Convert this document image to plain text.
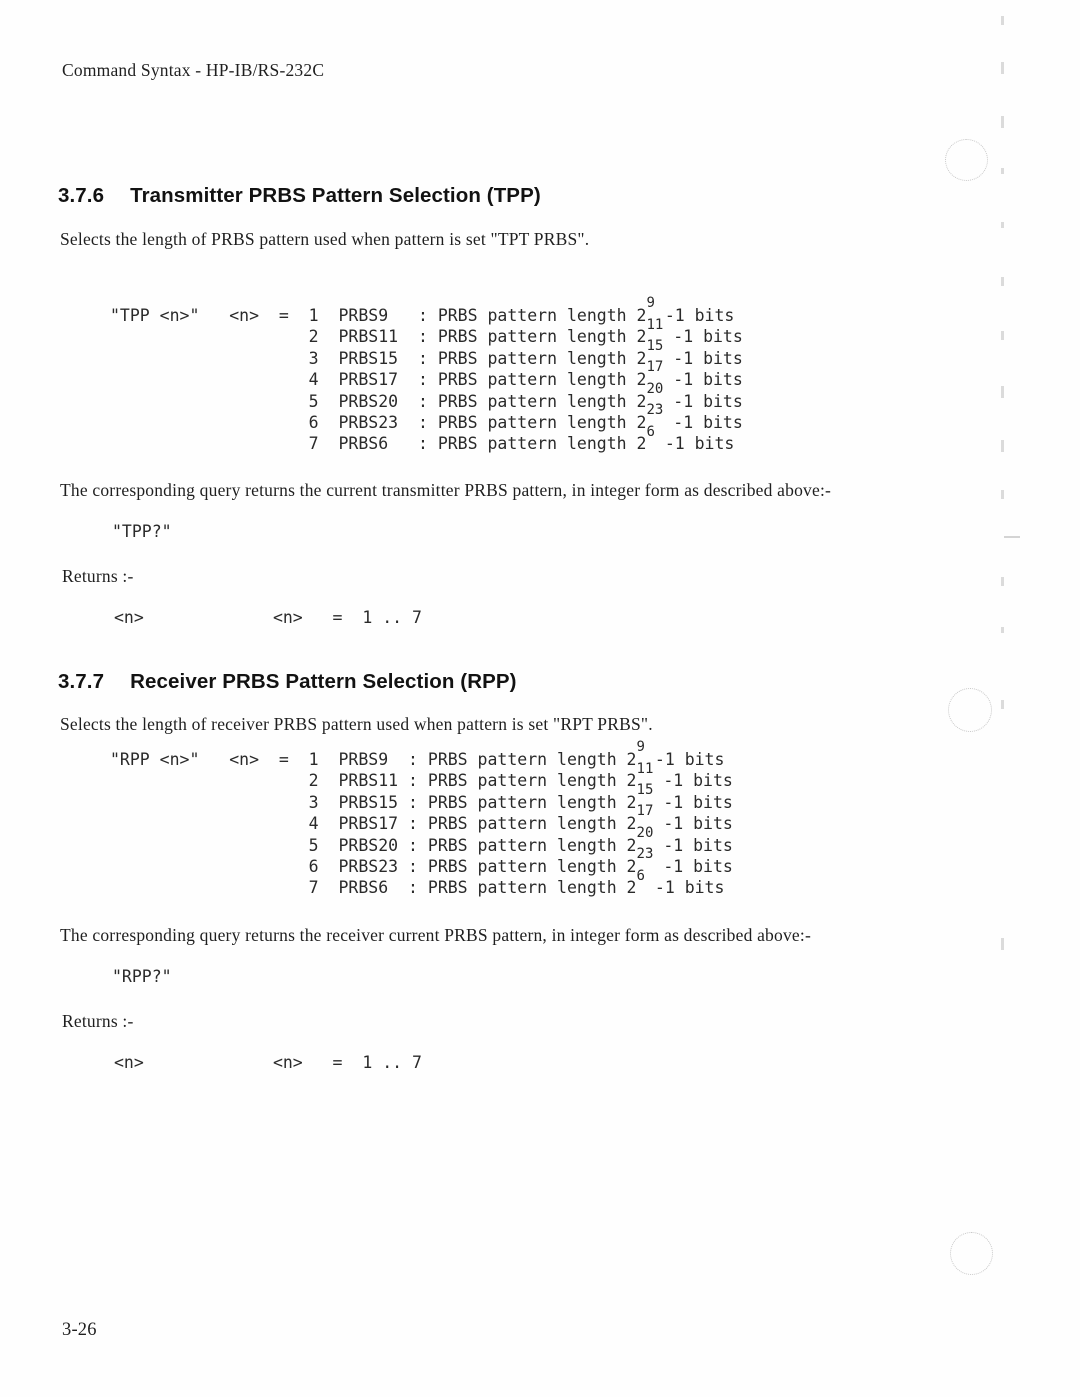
Command Syntax - HP-IB/RS-232C
3.7.6 Transmitter PRBS Pattern Selection (TPP)
Selects the length of PRBS pattern used when pattern is set "TPT PRBS".
"TPP <n>"   <n>  =  1  PRBS9   : PRBS pattern length $2^9$ -1 bits
2  PRBS11  : PRBS pattern length $2^{11}$ -1 bits
3  PRBS15  : PRBS pattern length $2^{15}$ -1 bits
4  PRBS17  : PRBS pattern length $2^{17}$ -1 bits
5  PRBS20  : PRBS pattern length $2^{20}$ -1 bits
6  PRBS23  : PRBS pattern length $2^{23}$ -1 bits
7  PRBS6   : PRBS pattern length $2^6$ -1 bits
The corresponding query returns the current transmitter PRBS pattern, in integer form as described above:-
"TPP?"
Returns :-
<n>             <n>   =  1 .. 7
3.7.7 Receiver PRBS Pattern Selection (RPP)
Selects the length of receiver PRBS pattern used when pattern is set "RPT PRBS".
"RPP <n>"   <n>  =  1  PRBS9  : PRBS pattern length $2^9$ -1 bits
2  PRBS11 : PRBS pattern length $2^{11}$ -1 bits
3  PRBS15 : PRBS pattern length $2^{15}$ -1 bits
4  PRBS17 : PRBS pattern length $2^{17}$ -1 bits
5  PRBS20 : PRBS pattern length $2^{20}$ -1 bits
6  PRBS23 : PRBS pattern length $2^{23}$ -1 bits
7  PRBS6  : PRBS pattern length $2^6$ -1 bits
The corresponding query returns the receiver current PRBS pattern, in integer form as described above:-
"RPP?"
Returns :-
<n>             <n>   =  1 .. 7
3-26
